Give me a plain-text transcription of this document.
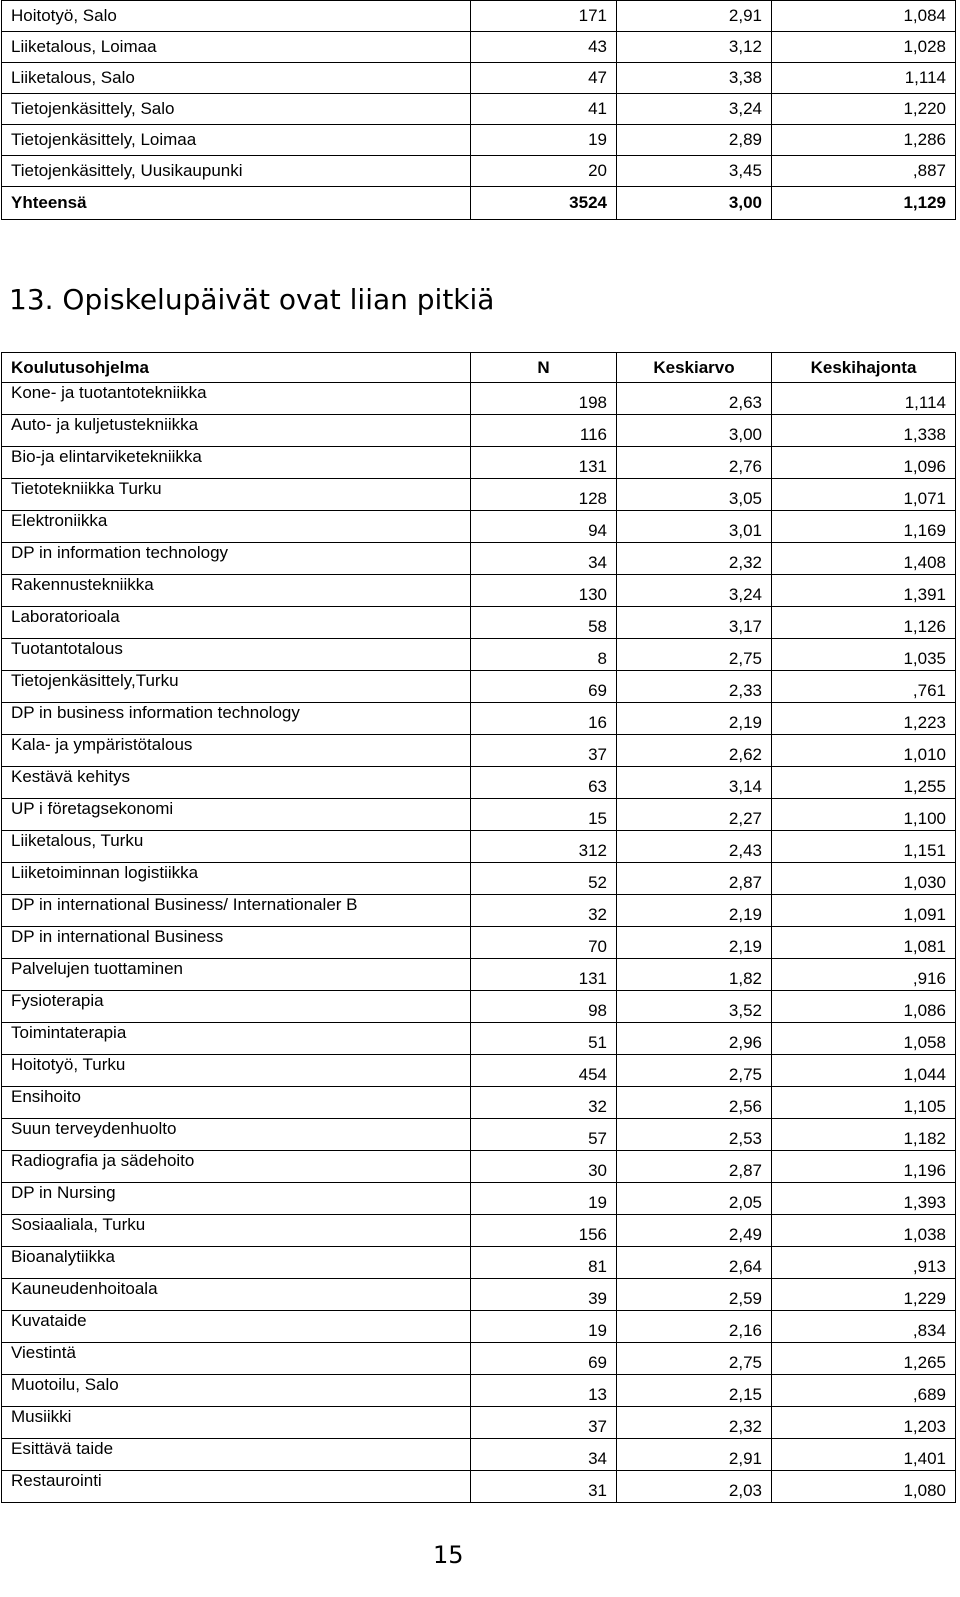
Hoitotyö, Salo	171	2,91	1,084
Liiketalous, Loimaa	43	3,12	1,028
Liiketalous, Salo	47	3,38	1,114
Tietojenkäsittely, Salo	41	3,24	1,220
Tietojenkäsittely, Loimaa	19	2,89	1,286
Tietojenkäsittely, Uusikaupunki	20	3,45	,887
Yhteensä	3524	3,00	1,129
13. Opiskelupäivät ovat liian pitkiä
Koulutusohjelma	N	Keskiarvo	Keskihajonta
Kone- ja tuotantotekniikka	198	2,63	1,114
Auto- ja kuljetustekniikka	116	3,00	1,338
Bio-ja elintarviketekniikka	131	2,76	1,096
Tietotekniikka Turku	128	3,05	1,071
Elektroniikka	94	3,01	1,169
DP in information technology	34	2,32	1,408
Rakennustekniikka	130	3,24	1,391
Laboratorioala	58	3,17	1,126
Tuotantotalous	8	2,75	1,035
Tietojenkäsittely,Turku	69	2,33	,761
DP in business information technology	16	2,19	1,223
Kala- ja ympäristötalous	37	2,62	1,010
Kestävä kehitys	63	3,14	1,255
UP i företagsekonomi	15	2,27	1,100
Liiketalous, Turku	312	2,43	1,151
Liiketoiminnan logistiikka	52	2,87	1,030
DP in international Business/ Internationaler B	32	2,19	1,091
DP in international Business	70	2,19	1,081
Palvelujen tuottaminen	131	1,82	,916
Fysioterapia	98	3,52	1,086
Toimintaterapia	51	2,96	1,058
Hoitotyö, Turku	454	2,75	1,044
Ensihoito	32	2,56	1,105
Suun terveydenhuolto	57	2,53	1,182
Radiografia ja sädehoito	30	2,87	1,196
DP in Nursing	19	2,05	1,393
Sosiaaliala, Turku	156	2,49	1,038
Bioanalytiikka	81	2,64	,913
Kauneudenhoitoala	39	2,59	1,229
Kuvataide	19	2,16	,834
Viestintä	69	2,75	1,265
Muotoilu, Salo	13	2,15	,689
Musiikki	37	2,32	1,203
Esittävä taide	34	2,91	1,401
Restaurointi	31	2,03	1,080
15
